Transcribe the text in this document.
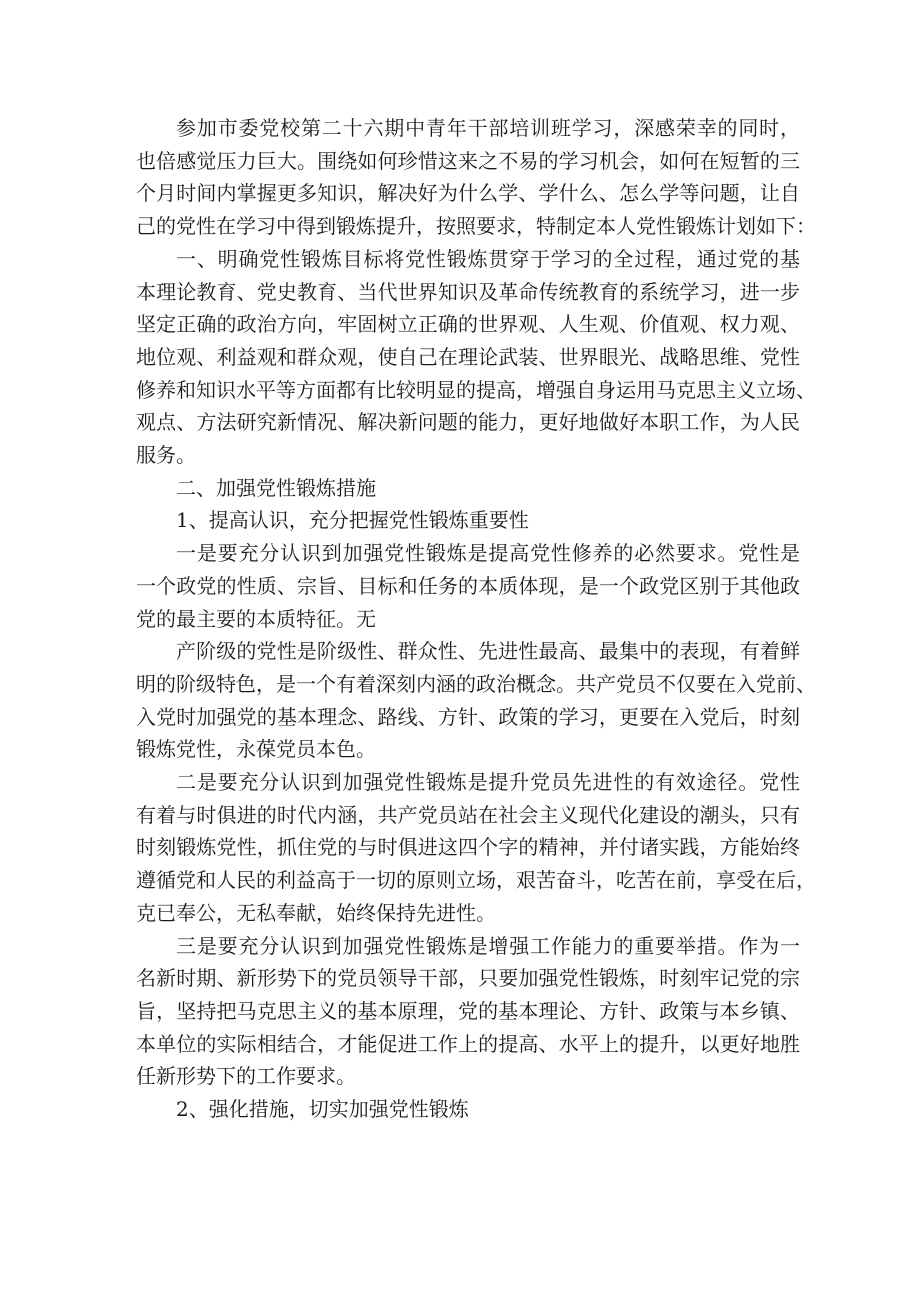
参加市委党校第二十六期中青年干部培训班学习，深感荣幸的同时，
也倍感觉压力巨大。围绕如何珍惜这来之不易的学习机会，如何在短暂的三
个月时间内掌握更多知识，解决好为什么学、学什么、怎么学等问题，让自
己的党性在学习中得到锻炼提升，按照要求，特制定本人党性锻炼计划如下：
一、明确党性锻炼目标将党性锻炼贯穿于学习的全过程，通过党的基
本理论教育、党史教育、当代世界知识及革命传统教育的系统学习，进一步
坚定正确的政治方向，牢固树立正确的世界观、人生观、价值观、权力观、
地位观、利益观和群众观，使自己在理论武装、世界眼光、战略思维、党性
修养和知识水平等方面都有比较明显的提高，增强自身运用马克思主义立场、
观点、方法研究新情况、解决新问题的能力，更好地做好本职工作，为人民
服务。
二、加强党性锻炼措施
1、提高认识，充分把握党性锻炼重要性
一是要充分认识到加强党性锻炼是提高党性修养的必然要求。党性是
一个政党的性质、宗旨、目标和任务的本质体现，是一个政党区别于其他政
党的最主要的本质特征。无
产阶级的党性是阶级性、群众性、先进性最高、最集中的表现，有着鲜
明的阶级特色，是一个有着深刻内涵的政治概念。共产党员不仅要在入党前、
入党时加强党的基本理念、路线、方针、政策的学习，更要在入党后，时刻
锻炼党性，永葆党员本色。
二是要充分认识到加强党性锻炼是提升党员先进性的有效途径。党性
有着与时俱进的时代内涵，共产党员站在社会主义现代化建设的潮头，只有
时刻锻炼党性，抓住党的与时俱进这四个字的精神，并付诸实践，方能始终
遵循党和人民的利益高于一切的原则立场，艰苦奋斗，吃苦在前，享受在后，
克已奉公，无私奉献，始终保持先进性。
三是要充分认识到加强党性锻炼是增强工作能力的重要举措。作为一
名新时期、新形势下的党员领导干部，只要加强党性锻炼，时刻牢记党的宗
旨，坚持把马克思主义的基本原理，党的基本理论、方针、政策与本乡镇、
本单位的实际相结合，才能促进工作上的提高、水平上的提升，以更好地胜
任新形势下的工作要求。
2、强化措施，切实加强党性锻炼
